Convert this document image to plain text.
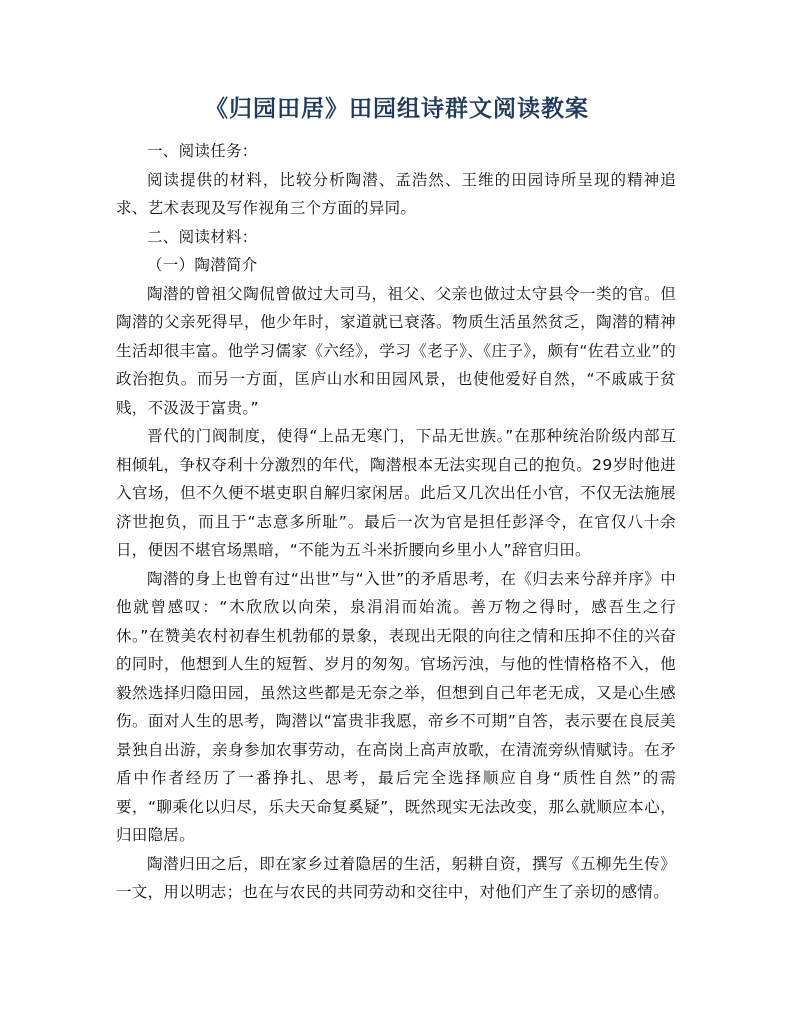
《归园田居》田园组诗群文阅读教案

一、阅读任务：

阅读提供的材料，比较分析陶潜、孟浩然、王维的田园诗所呈现的精神追求、艺术表现及写作视角三个方面的异同。

二、阅读材料：

（一）陶潜简介

陶潜的曾祖父陶侃曾做过大司马，祖父、父亲也做过太守县令一类的官。但陶潜的父亲死得早，他少年时，家道就已衰落。物质生活虽然贫乏，陶潜的精神生活却很丰富。他学习儒家《六经》，学习《老子》、《庄子》，颇有“佐君立业”的政治抱负。而另一方面，匡庐山水和田园风景，也使他爱好自然，“不戚戚于贫贱，不汲汲于富贵。”

晋代的门阀制度，使得“上品无寒门，下品无世族。”在那种统治阶级内部互相倾轧，争权夺利十分激烈的年代，陶潜根本无法实现自己的抱负。29岁时他进入官场，但不久便不堪吏职自解归家闲居。此后又几次出任小官，不仅无法施展济世抱负，而且于“志意多所耻”。最后一次为官是担任彭泽令，在官仅八十余日，便因不堪官场黑暗，“不能为五斗米折腰向乡里小人”辞官归田。

陶潜的身上也曾有过“出世”与“入世”的矛盾思考，在《归去来兮辞并序》中他就曾感叹：“木欣欣以向荣，泉涓涓而始流。善万物之得时，感吾生之行休。”在赞美农村初春生机勃郁的景象，表现出无限的向往之情和压抑不住的兴奋的同时，他想到人生的短暂、岁月的匆匆。官场污浊，与他的性情格格不入，他毅然选择归隐田园，虽然这些都是无奈之举，但想到自己年老无成，又是心生感伤。面对人生的思考，陶潜以“富贵非我愿，帝乡不可期”自答，表示要在良辰美景独自出游，亲身参加农事劳动，在高岗上高声放歌，在清流旁纵情赋诗。在矛盾中作者经历了一番挣扎、思考，最后完全选择顺应自身“质性自然”的需要，“聊乘化以归尽，乐夫天命复奚疑”，既然现实无法改变，那么就顺应本心，归田隐居。

陶潜归田之后，即在家乡过着隐居的生活，躬耕自资，撰写《五柳先生传》一文，用以明志；也在与农民的共同劳动和交往中，对他们产生了亲切的感情。
